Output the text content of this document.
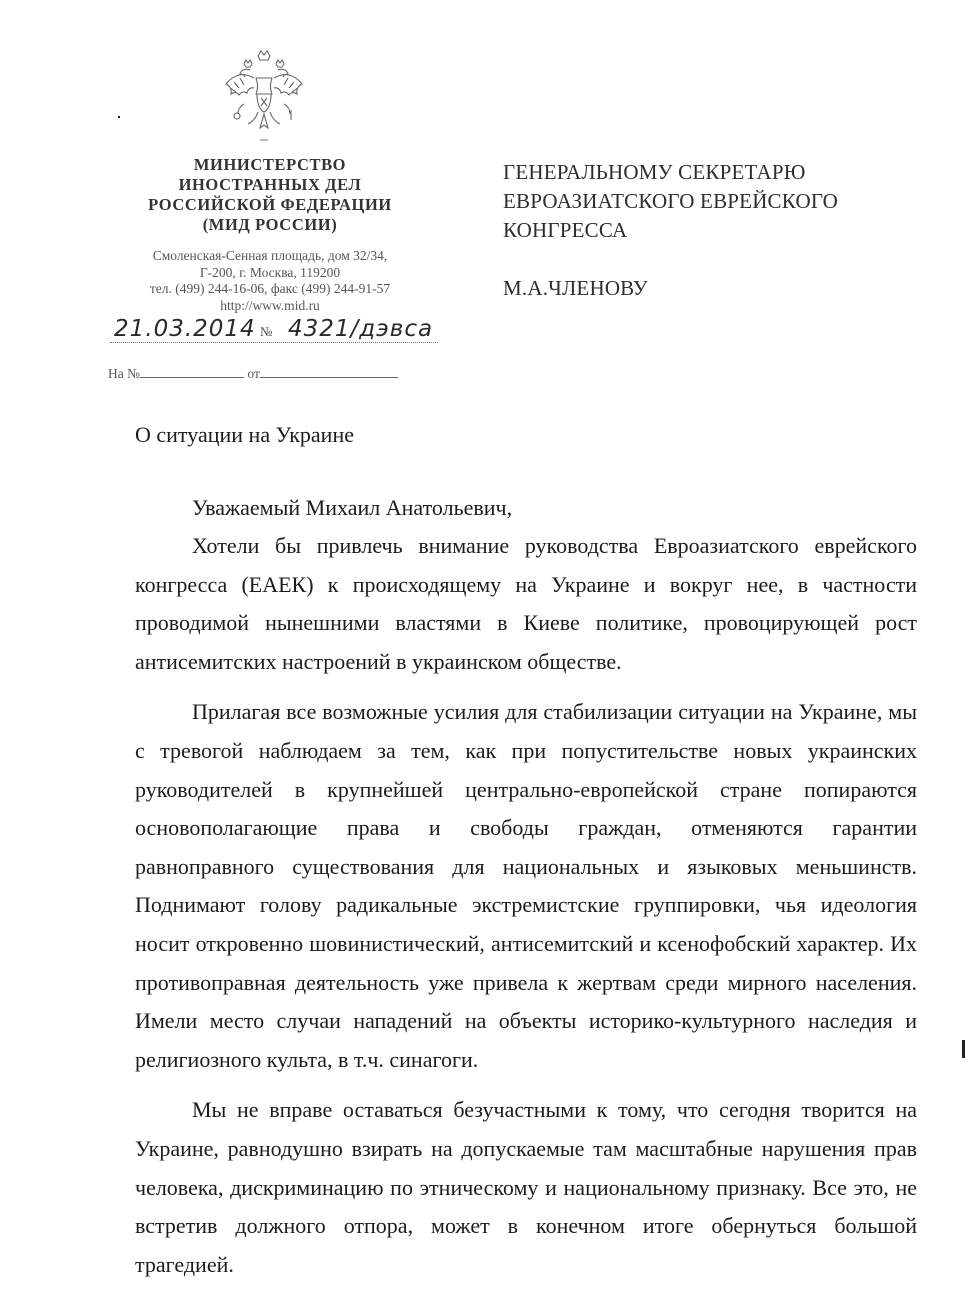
МИНИСТЕРСТВО
ИНОСТРАННЫХ ДЕЛ
РОССИЙСКОЙ ФЕДЕРАЦИИ
(МИД РОССИИ)
Смоленская-Сенная площадь, дом 32/34,
Г-200, г. Москва, 119200
тел. (499) 244-16-06, факс (499) 244-91-57
http://www.mid.ru
21.03.2014 № 4321/дэвса
На №	от
ГЕНЕРАЛЬНОМУ СЕКРЕТАРЮ
ЕВРОАЗИАТСКОГО ЕВРЕЙСКОГО
КОНГРЕССА
М.А.ЧЛЕНОВУ
О ситуации на Украине
Уважаемый Михаил Анатольевич,

Хотели бы привлечь внимание руководства Евроазиатского еврейского конгресса (ЕАЕК) к происходящему на Украине и вокруг нее, в частности проводимой нынешними властями в Киеве политике, провоцирующей рост антисемитских настроений в украинском обществе.

Прилагая все возможные усилия для стабилизации ситуации на Украине, мы с тревогой наблюдаем за тем, как при попустительстве новых украинских руководителей в крупнейшей центрально-европейской стране попираются основополагающие права и свободы граждан, отменяются гарантии равноправного существования для национальных и языковых меньшинств. Поднимают голову радикальные экстремистские группировки, чья идеология носит откровенно шовинистический, антисемитский и ксенофобский характер. Их противоправная деятельность уже привела к жертвам среди мирного населения. Имели место случаи нападений на объекты историко-культурного наследия и религиозного культа, в т.ч. синагоги.

Мы не вправе оставаться безучастными к тому, что сегодня творится на Украине, равнодушно взирать на допускаемые там масштабные нарушения прав человека, дискриминацию по этническому и национальному признаку. Все это, не встретив должного отпора, может в конечном итоге обернуться большой трагедией.
